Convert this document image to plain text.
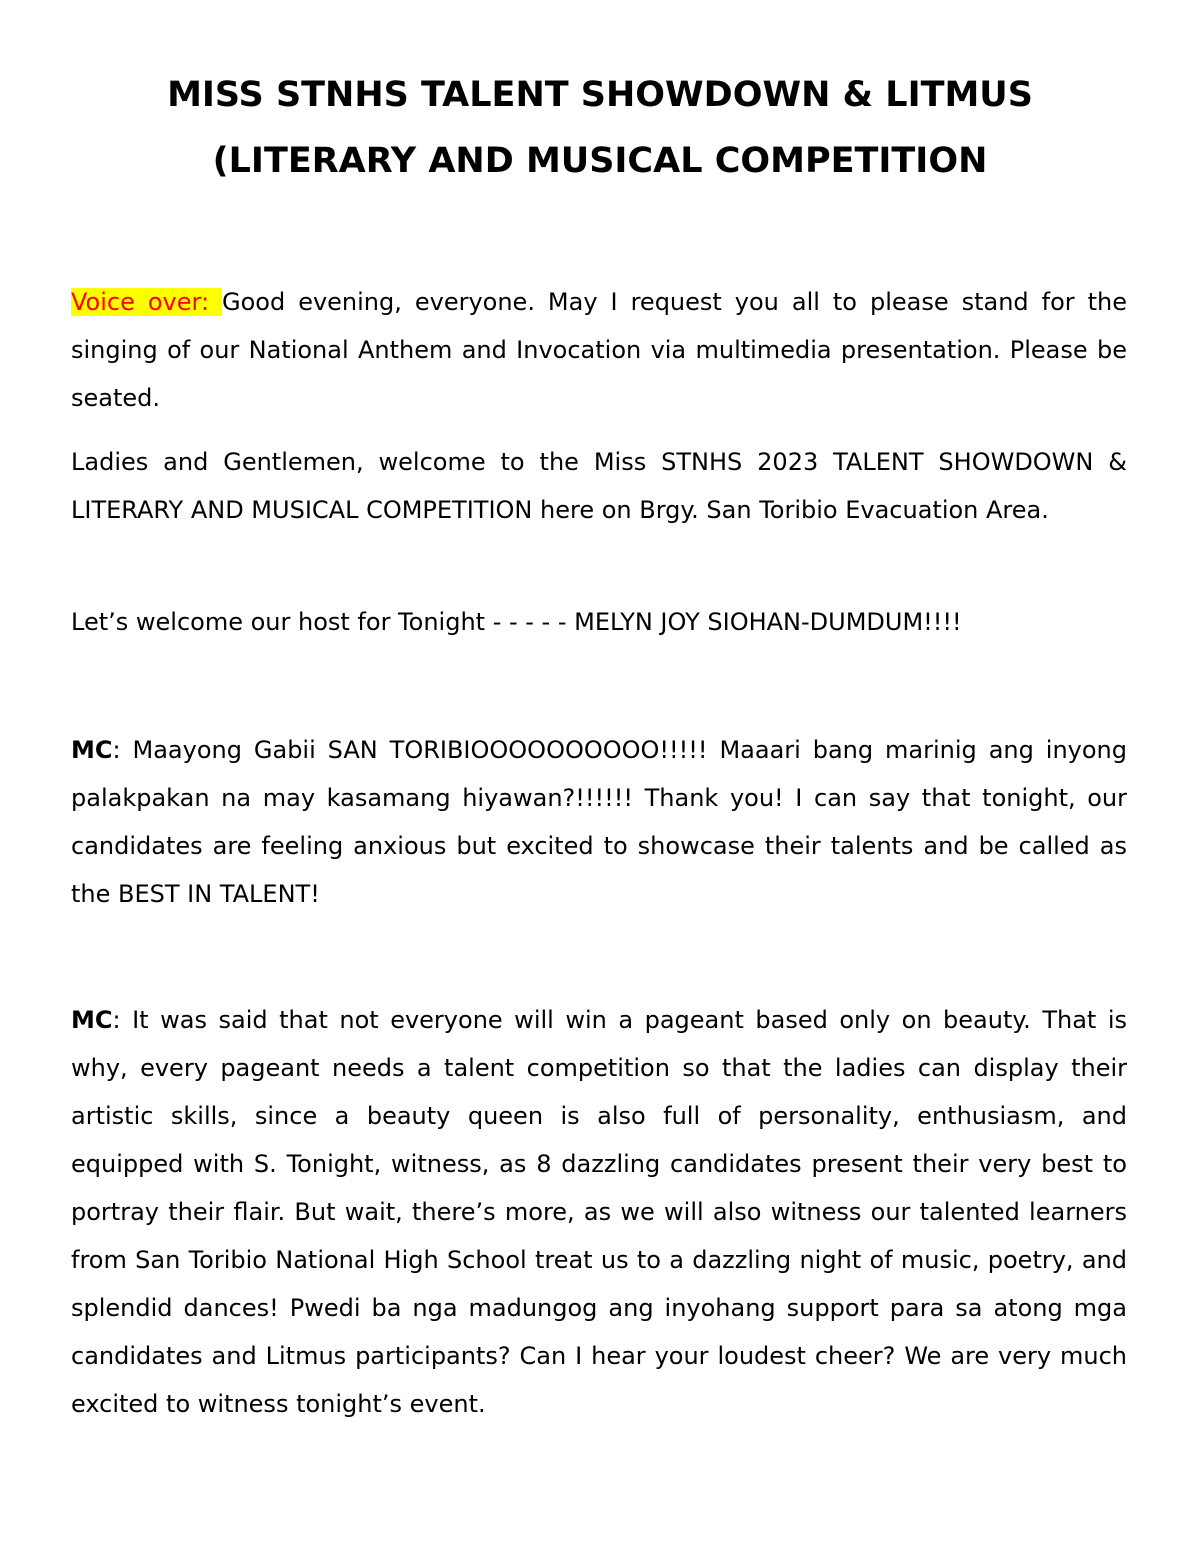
MISS STNHS TALENT SHOWDOWN & LITMUS
(LITERARY AND MUSICAL COMPETITION

Voice over: Good evening, everyone. May I request you all to please stand for the singing of our National Anthem and Invocation via multimedia presentation. Please be seated.

Ladies and Gentlemen, welcome to the Miss STNHS 2023 TALENT SHOWDOWN & LITERARY AND MUSICAL COMPETITION here on Brgy. San Toribio Evacuation Area.

Let’s welcome our host for Tonight - - - - - MELYN JOY SIOHAN-DUMDUM!!!!

MC: Maayong Gabii SAN TORIBIOOOOOOOOOO!!!!! Maaari bang marinig ang inyong palakpakan na may kasamang hiyawan?!!!!!! Thank you! I can say that tonight, our candidates are feeling anxious but excited to showcase their talents and be called as the BEST IN TALENT!

MC: It was said that not everyone will win a pageant based only on beauty. That is why, every pageant needs a talent competition so that the ladies can display their artistic skills, since a beauty queen is also full of personality, enthusiasm, and equipped with S. Tonight, witness, as 8 dazzling candidates present their very best to portray their flair. But wait, there’s more, as we will also witness our talented learners from San Toribio National High School treat us to a dazzling night of music, poetry, and splendid dances! Pwedi ba nga madungog ang inyohang support para sa atong mga candidates and Litmus participants? Can I hear your loudest cheer? We are very much excited to witness tonight’s event.
